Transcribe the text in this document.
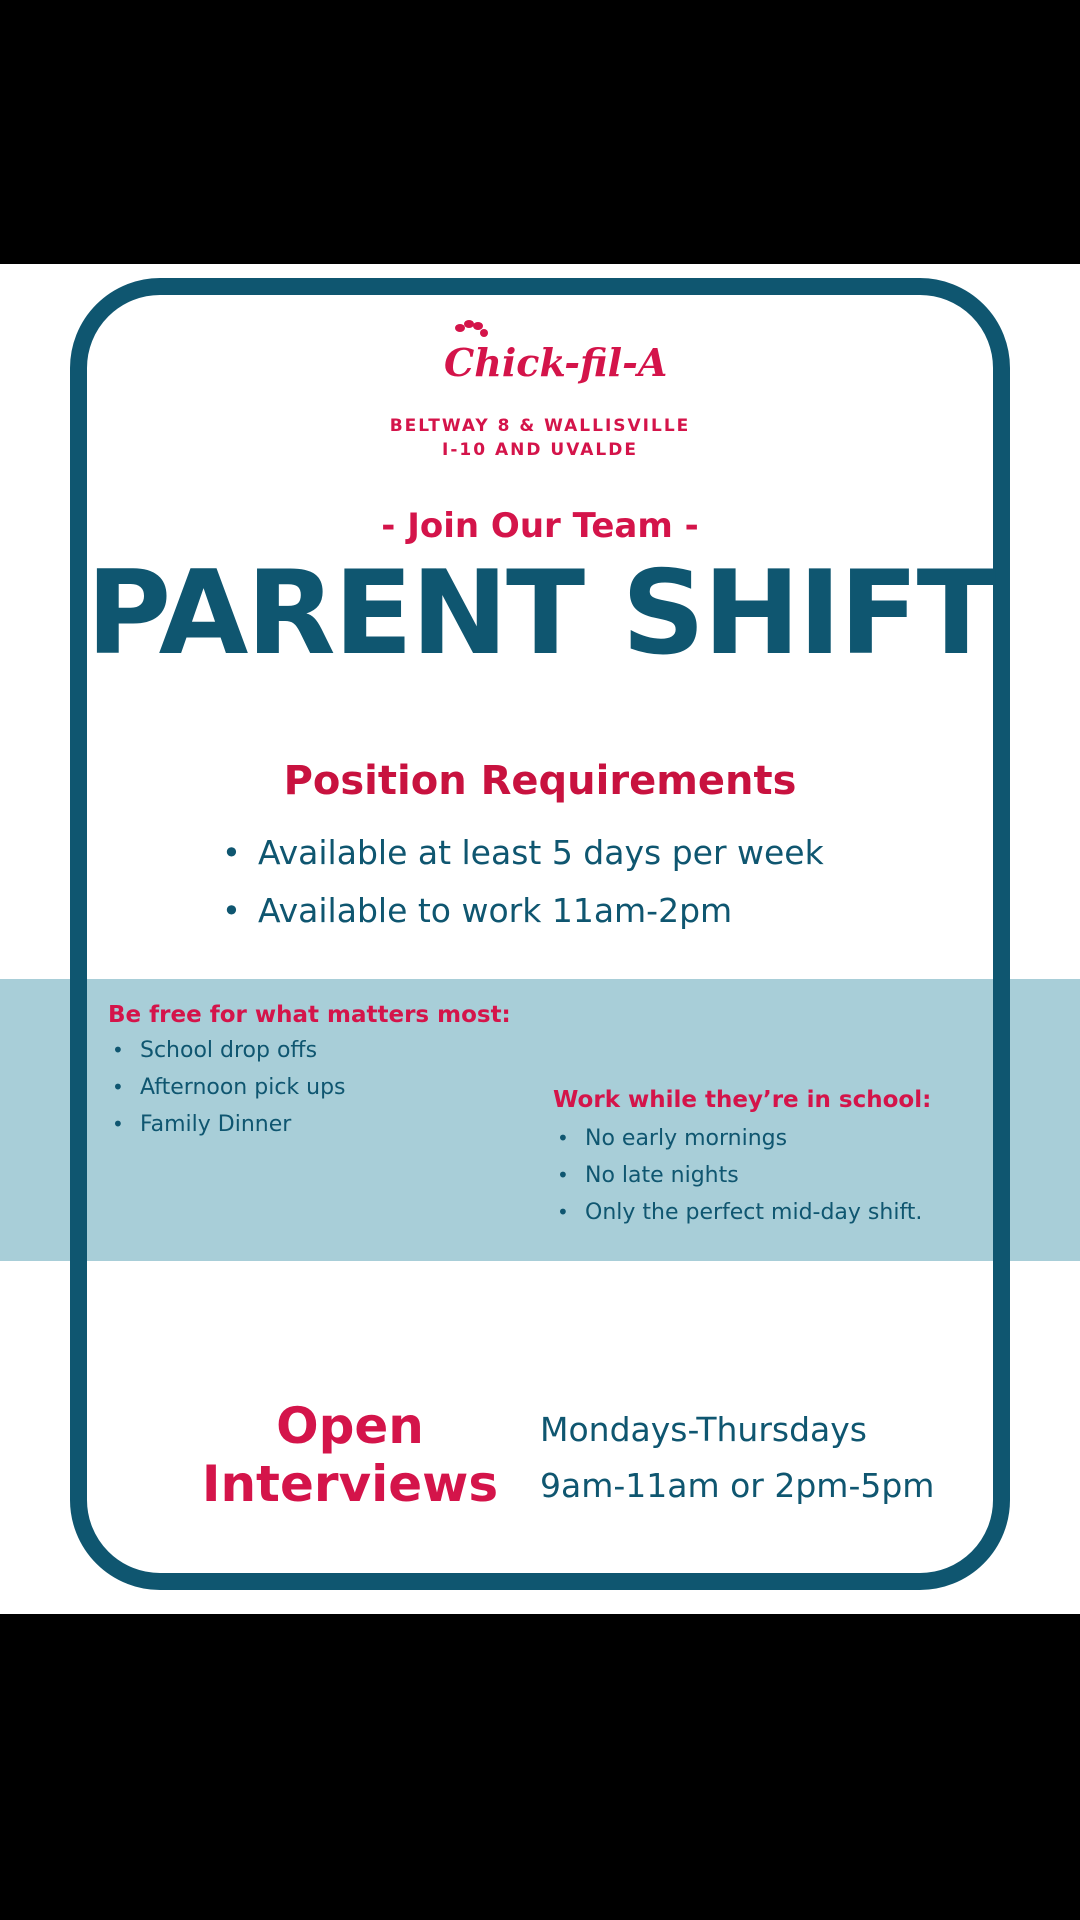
Chick-fil-A
BELTWAY 8 & WALLISVILLE
I-10 AND UVALDE
- Join Our Team -
PARENT SHIFT
Position Requirements
• Available at least 5 days per week
• Available to work 11am-2pm
Be free for what matters most:
• School drop offs
• Afternoon pick ups
• Family Dinner
Work while they’re in school:
• No early mornings
• No late nights
• Only the perfect mid-day shift.
Open
Interviews
Mondays-Thursdays
9am-11am or 2pm-5pm
